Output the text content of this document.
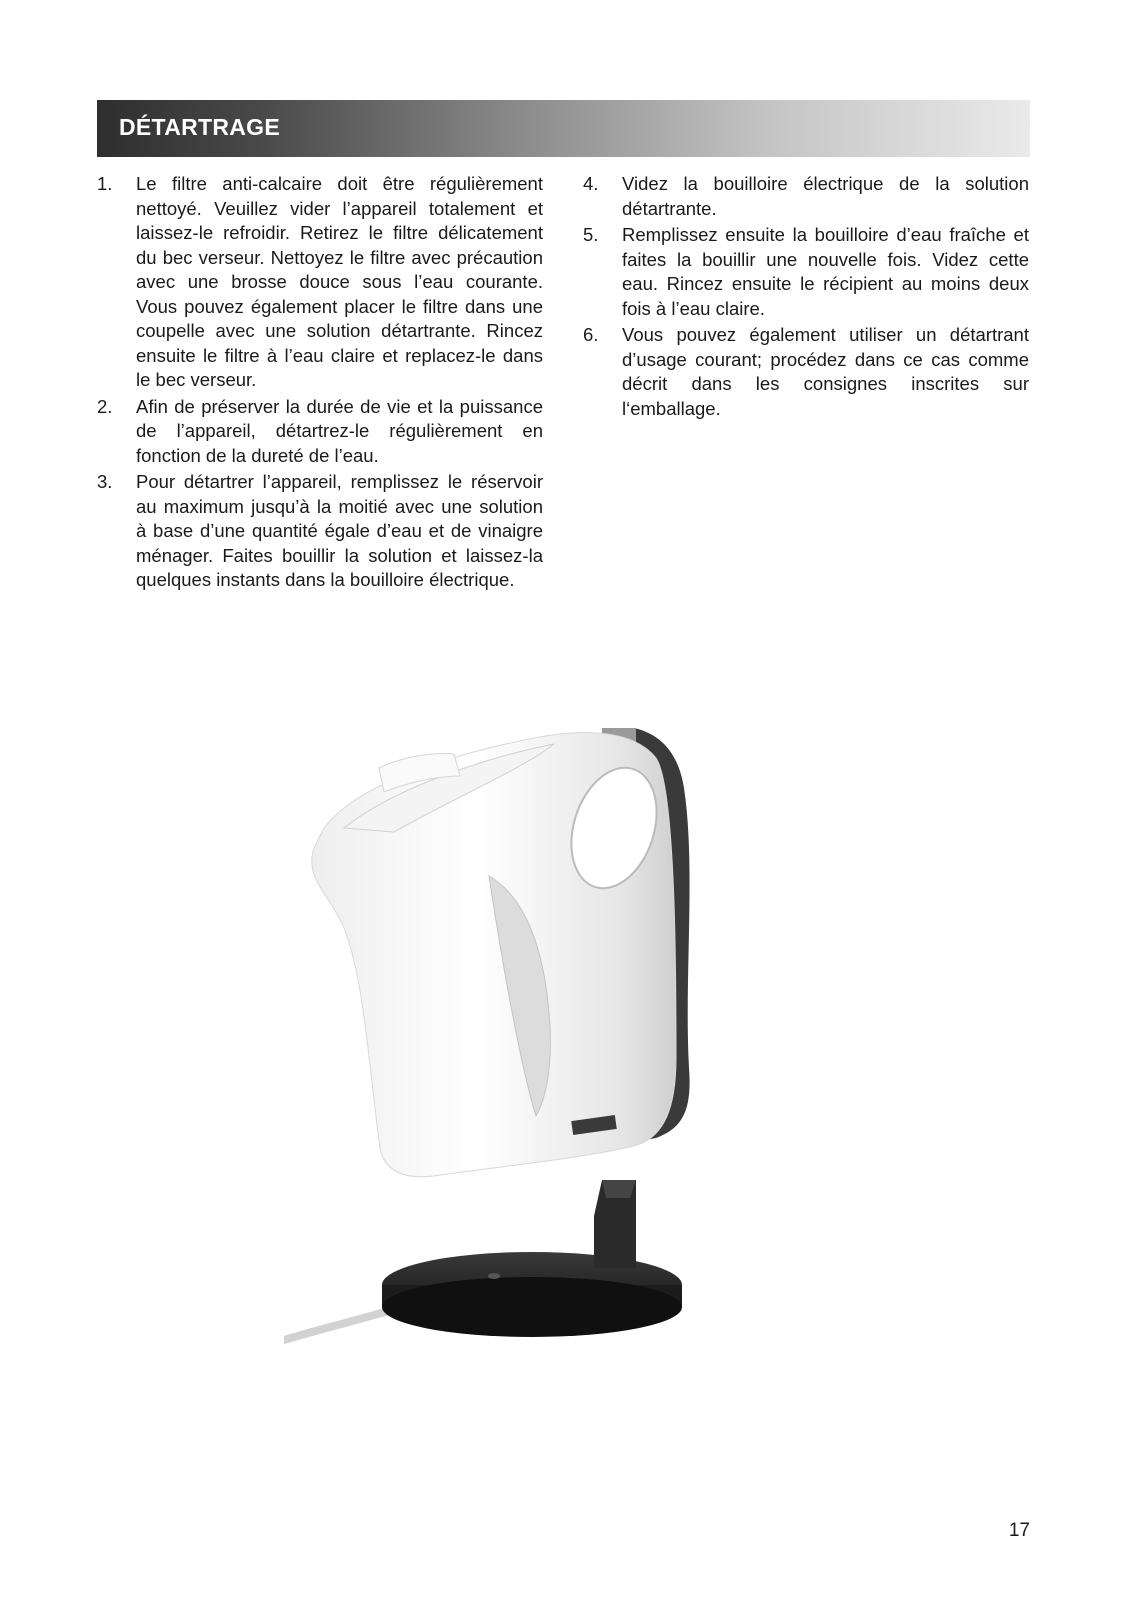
DÉTARTRAGE
1.	Le filtre anti-calcaire doit être régulièrement nettoyé. Veuillez vider l’appareil totalement et laissez-le refroidir. Retirez le filtre délicatement du bec verseur. Nettoyez le filtre avec précaution avec une brosse douce sous l’eau courante. Vous pouvez également placer le filtre dans une coupelle avec une solution détartrante. Rincez ensuite le filtre à l’eau claire et replacez-le dans le bec verseur.
2.	Afin de préserver la durée de vie et la puissance de l’appareil, détartrez-le régulièrement en fonction de la dureté de l’eau.
3.	Pour détartrer l’appareil, remplissez le réservoir au maximum jusqu’à la moitié avec une solution à base d’une quantité égale d’eau et de vinaigre ménager. Faites bouillir la solution et laissez-la quelques instants dans la bouilloire électrique.
4.	Videz la bouilloire électrique de la solution détartrante.
5.	Remplissez ensuite la bouilloire d’eau fraîche et faites la bouillir une nouvelle fois. Videz cette eau. Rincez ensuite le récipient au moins deux fois à l’eau claire.
6.	Vous pouvez également utiliser un détartrant d’usage courant; procédez dans ce cas comme décrit dans les consignes inscrites sur l‘emballage.
17
